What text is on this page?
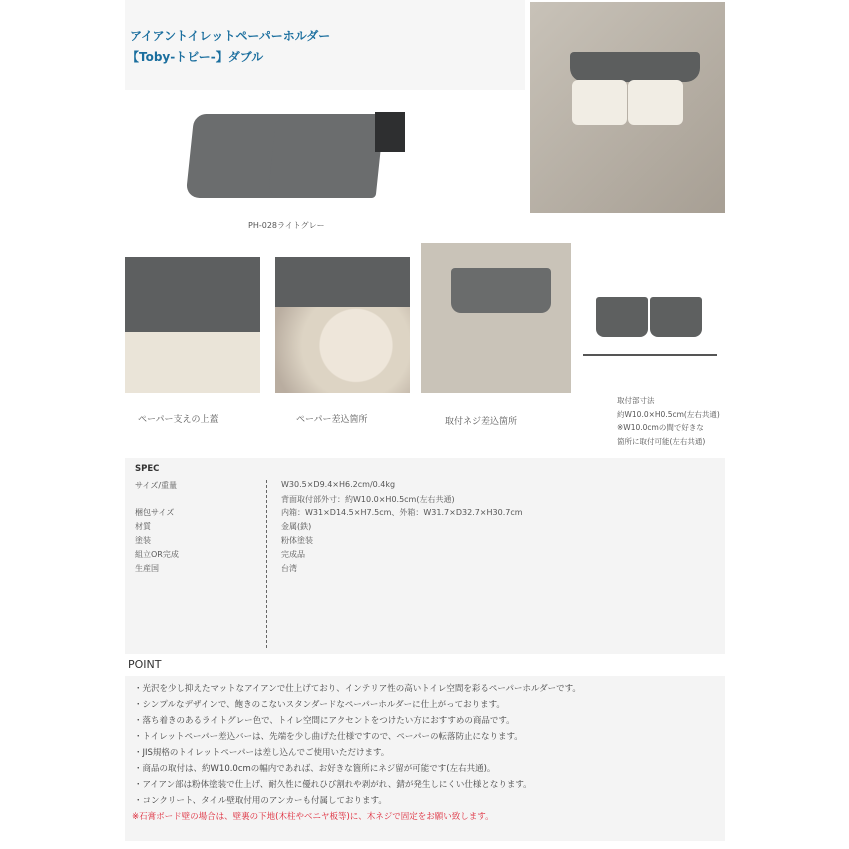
アイアントイレットペーパーホルダー
【Toby-トビー-】ダブル
PH-028ライトグレー
ペーパー支えの上蓋	ペーパー差込箇所	取付ネジ差込箇所
取付部寸法
約W10.0×H0.5cm(左右共通)
※W10.0cmの間で好きな
箇所に取付可能(左右共通)
SPEC
サイズ/重量	W30.5×D9.4×H6.2cm/0.4kg
背面取付部外寸：約W10.0×H0.5cm(左右共通)
梱包サイズ	内箱：W31×D14.5×H7.5cm、外箱：W31.7×D32.7×H30.7cm
材質	金属(鉄)
塗装	粉体塗装
組立OR完成	完成品
生産国	台湾
POINT
・光沢を少し抑えたマットなアイアンで仕上げており、インテリア性の高いトイレ空間を彩るペーパーホルダーです。
・シンプルなデザインで、飽きのこないスタンダードなペーパーホルダーに仕上がっております。
・落ち着きのあるライトグレー色で、トイレ空間にアクセントをつけたい方におすすめの商品です。
・トイレットペーパー差込バーは、先端を少し曲げた仕様ですので、ペーパーの転落防止になります。
・JIS規格のトイレットペーパーは差し込んでご使用いただけます。
・商品の取付は、約W10.0cmの幅内であれば、お好きな箇所にネジ留が可能です(左右共通)。
・アイアン部は粉体塗装で仕上げ、耐久性に優れひび割れや剥がれ、錆が発生しにくい仕様となります。
・コンクリート、タイル壁取付用のアンカーも付属しております。
※石膏ボード壁の場合は、壁裏の下地(木柱やベニヤ板等)に、木ネジで固定をお願い致します。
